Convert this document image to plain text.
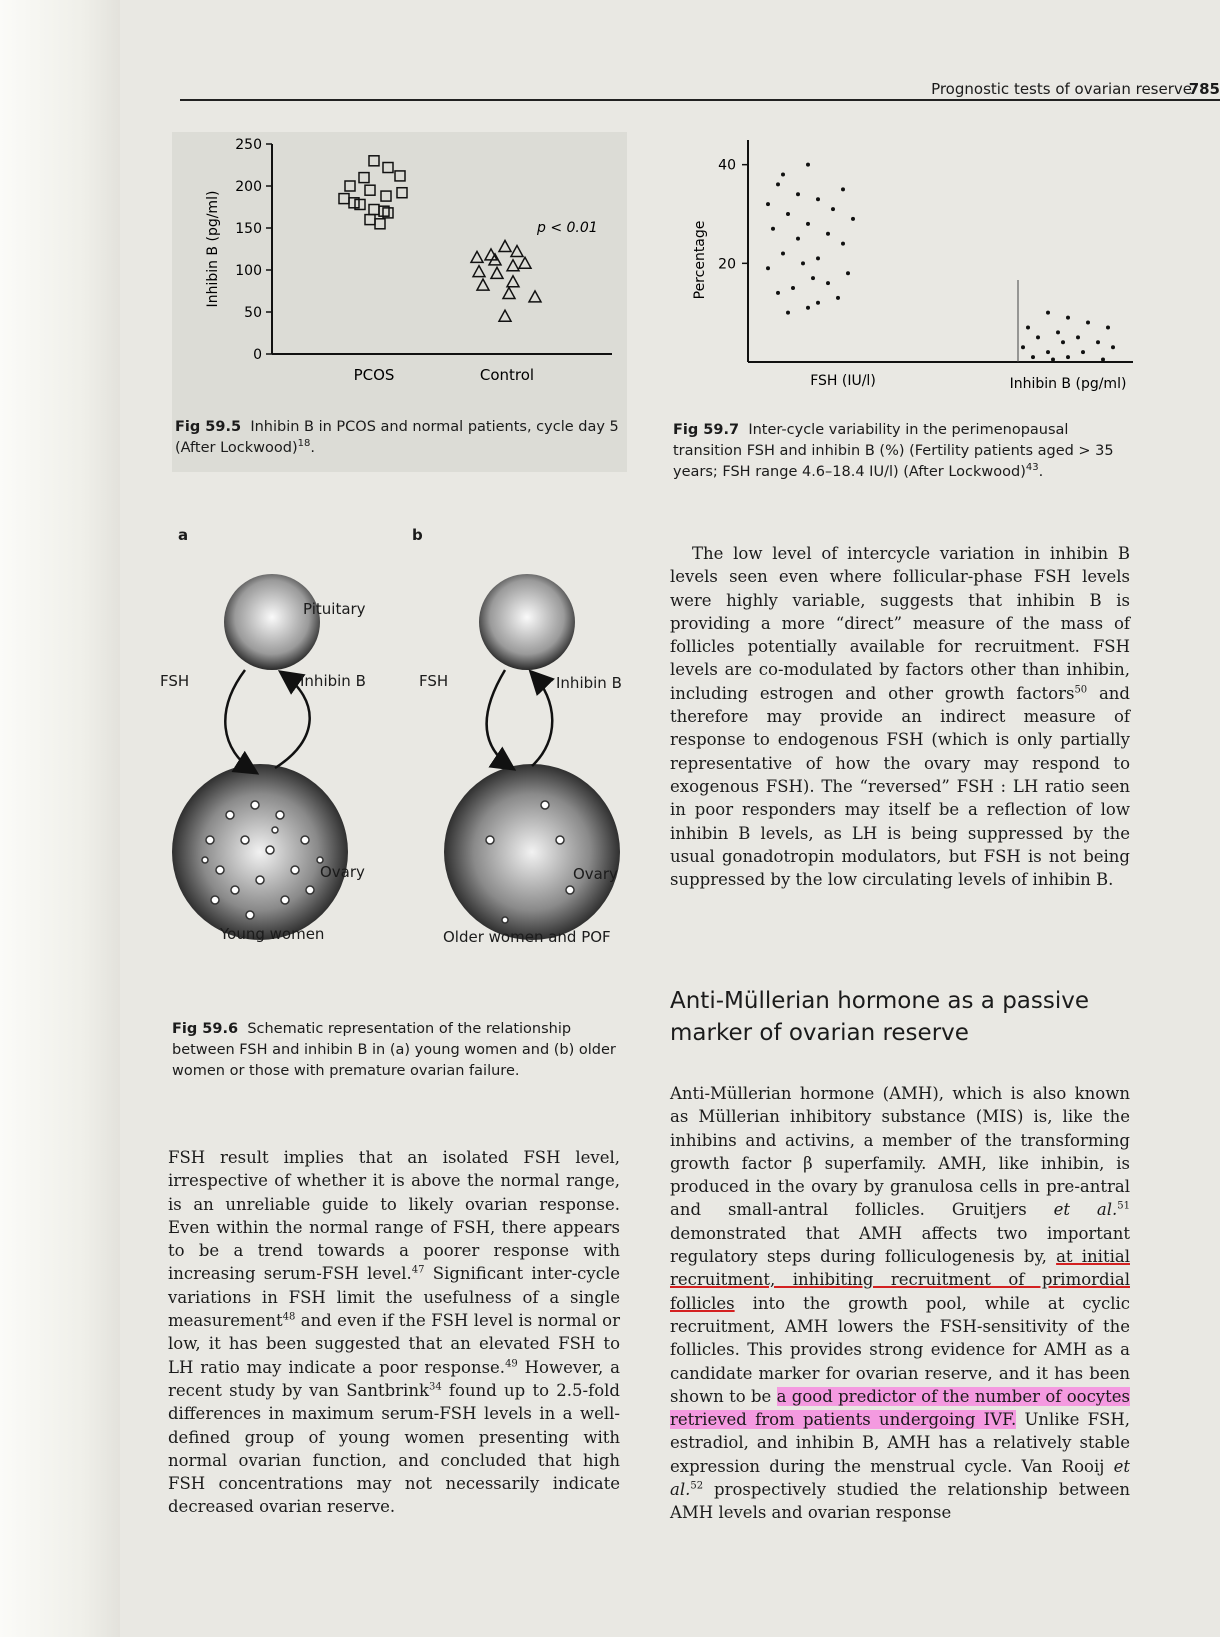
Prognostic tests of ovarian reserve
785
0
50
100
150
200
250
Inhibin B (pg/ml)
PCOS	Control
p < 0.01
Fig 59.5 Inhibin B in PCOS and normal patients, cycle day 5 (After Lockwood)$^{18}$.
20
40
Percentage
FSH (IU/l)	Inhibin B (pg/ml)
Fig 59.7 Inter-cycle variability in the perimenopausal transition FSH and inhibin B (%) (Fertility patients aged > 35 years; FSH range 4.6–18.4 IU/l) (After Lockwood)$^{43}$.
a	b
Pituitary
FSH	Inhibin B	FSH	Inhibin B
Ovary	Ovary
Young women	Older women and POF
Fig 59.6 Schematic representation of the relationship between FSH and inhibin B in (a) young women and (b) older women or those with premature ovarian failure.

FSH result implies that an isolated FSH level, irrespective of whether it is above the normal range, is an unreliable guide to likely ovarian response. Even within the normal range of FSH, there appears to be a trend towards a poorer response with increasing serum-FSH level.$^{47}$ Significant inter-cycle variations in FSH limit the usefulness of a single measurement$^{48}$ and even if the FSH level is normal or low, it has been suggested that an elevated FSH to LH ratio may indicate a poor response.$^{49}$ However, a recent study by van Santbrink$^{34}$ found up to 2.5-fold differences in maximum serum-FSH levels in a well-defined group of young women presenting with normal ovarian function, and concluded that high FSH concentrations may not necessarily indicate decreased ovarian reserve.

The low level of intercycle variation in inhibin B levels seen even where follicular-phase FSH levels were highly variable, suggests that inhibin B is providing a more “direct” measure of the mass of follicles potentially available for recruitment. FSH levels are co-modulated by factors other than inhibin, including estrogen and other growth factors$^{50}$ and therefore may provide an indirect measure of response to endogenous FSH (which is only partially representative of how the ovary may respond to exogenous FSH). The “reversed” FSH : LH ratio seen in poor responders may itself be a reflection of low inhibin B levels, as LH is being suppressed by the usual gonadotropin modulators, but FSH is not being suppressed by the low circulating levels of inhibin B.

Anti-Müllerian hormone as a passive marker of ovarian reserve

Anti-Müllerian hormone (AMH), which is also known as Müllerian inhibitory substance (MIS) is, like the inhibins and activins, a member of the transforming growth factor β superfamily. AMH, like inhibin, is produced in the ovary by granulosa cells in pre-antral and small-antral follicles. Gruitjers et al.$^{51}$ demonstrated that AMH affects two important regulatory steps during folliculogenesis by, at initial recruitment, inhibiting recruitment of primordial follicles into the growth pool, while at cyclic recruitment, AMH lowers the FSH-sensitivity of the follicles. This provides strong evidence for AMH as a candidate marker for ovarian reserve, and it has been shown to be a good predictor of the number of oocytes retrieved from patients undergoing IVF. Unlike FSH, estradiol, and inhibin B, AMH has a relatively stable expression during the menstrual cycle. Van Rooij et al.$^{52}$ prospectively studied the relationship between AMH levels and ovarian response
